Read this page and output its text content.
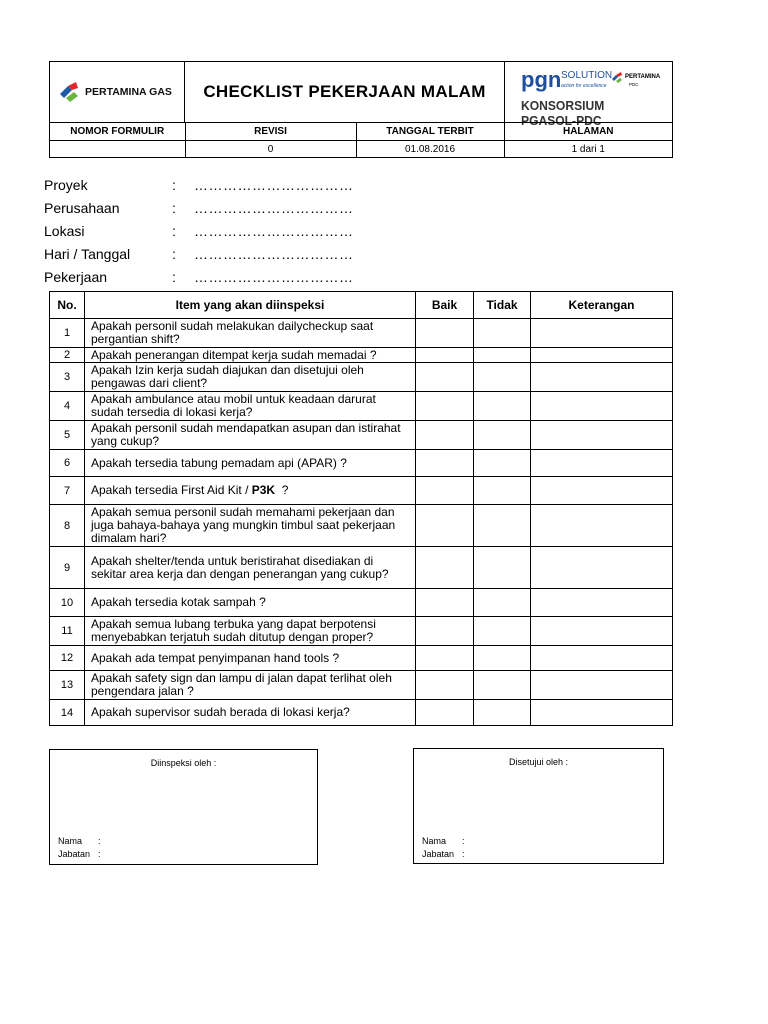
PERTAMINA GAS	CHECKLIST PEKERJAAN MALAM	pgn SOLUTION
action for excellence
PERTAMINA
PDC
KONSORSIUM PGASOL-PDC
NOMOR FORMULIR	REVISI	TANGGAL TERBIT	HALAMAN
	0	01.08.2016	1 dari 1
Proyek	:	……………………………
Perusahaan	:	……………………………
Lokasi	:	……………………………
Hari / Tanggal	:	……………………………
Pekerjaan	:	……………………………
No.	Item yang akan diinspeksi	Baik	Tidak	Keterangan
1	Apakah personil sudah melakukan dailycheckup saat pergantian shift?			
2	Apakah penerangan ditempat kerja sudah memadai ?			
3	Apakah Izin kerja sudah diajukan dan disetujui oleh pengawas dari client?			
4	Apakah ambulance atau mobil untuk keadaan darurat sudah tersedia di lokasi kerja?			
5	Apakah personil sudah mendapatkan asupan dan istirahat yang cukup?			
6	Apakah tersedia tabung pemadam api (APAR) ?			
7	Apakah tersedia First Aid Kit / P3K  ?			
8	Apakah semua personil sudah memahami pekerjaan dan juga bahaya-bahaya yang mungkin timbul saat pekerjaan dimalam hari?			
9	Apakah shelter/tenda untuk beristirahat disediakan di sekitar area kerja dan dengan penerangan yang cukup?			
10	Apakah tersedia kotak sampah ?			
11	Apakah semua lubang terbuka yang dapat berpotensi menyebabkan terjatuh sudah ditutup dengan proper?			
12	Apakah ada tempat penyimpanan hand tools ?			
13	Apakah safety sign dan lampu di jalan dapat terlihat oleh pengendara jalan ?			
14	Apakah supervisor sudah berada di lokasi kerja?			
Diinspeksi oleh :
Nama :
Jabatan :
Disetujui oleh :
Nama :
Jabatan :
